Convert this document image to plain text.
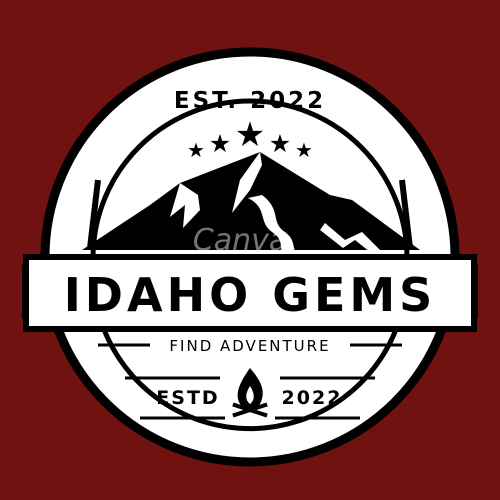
EST. 2022
★ ★ ★ ★ ★
IDAHO GEMS
FIND ADVENTURE
ESTD	2022
Canva
